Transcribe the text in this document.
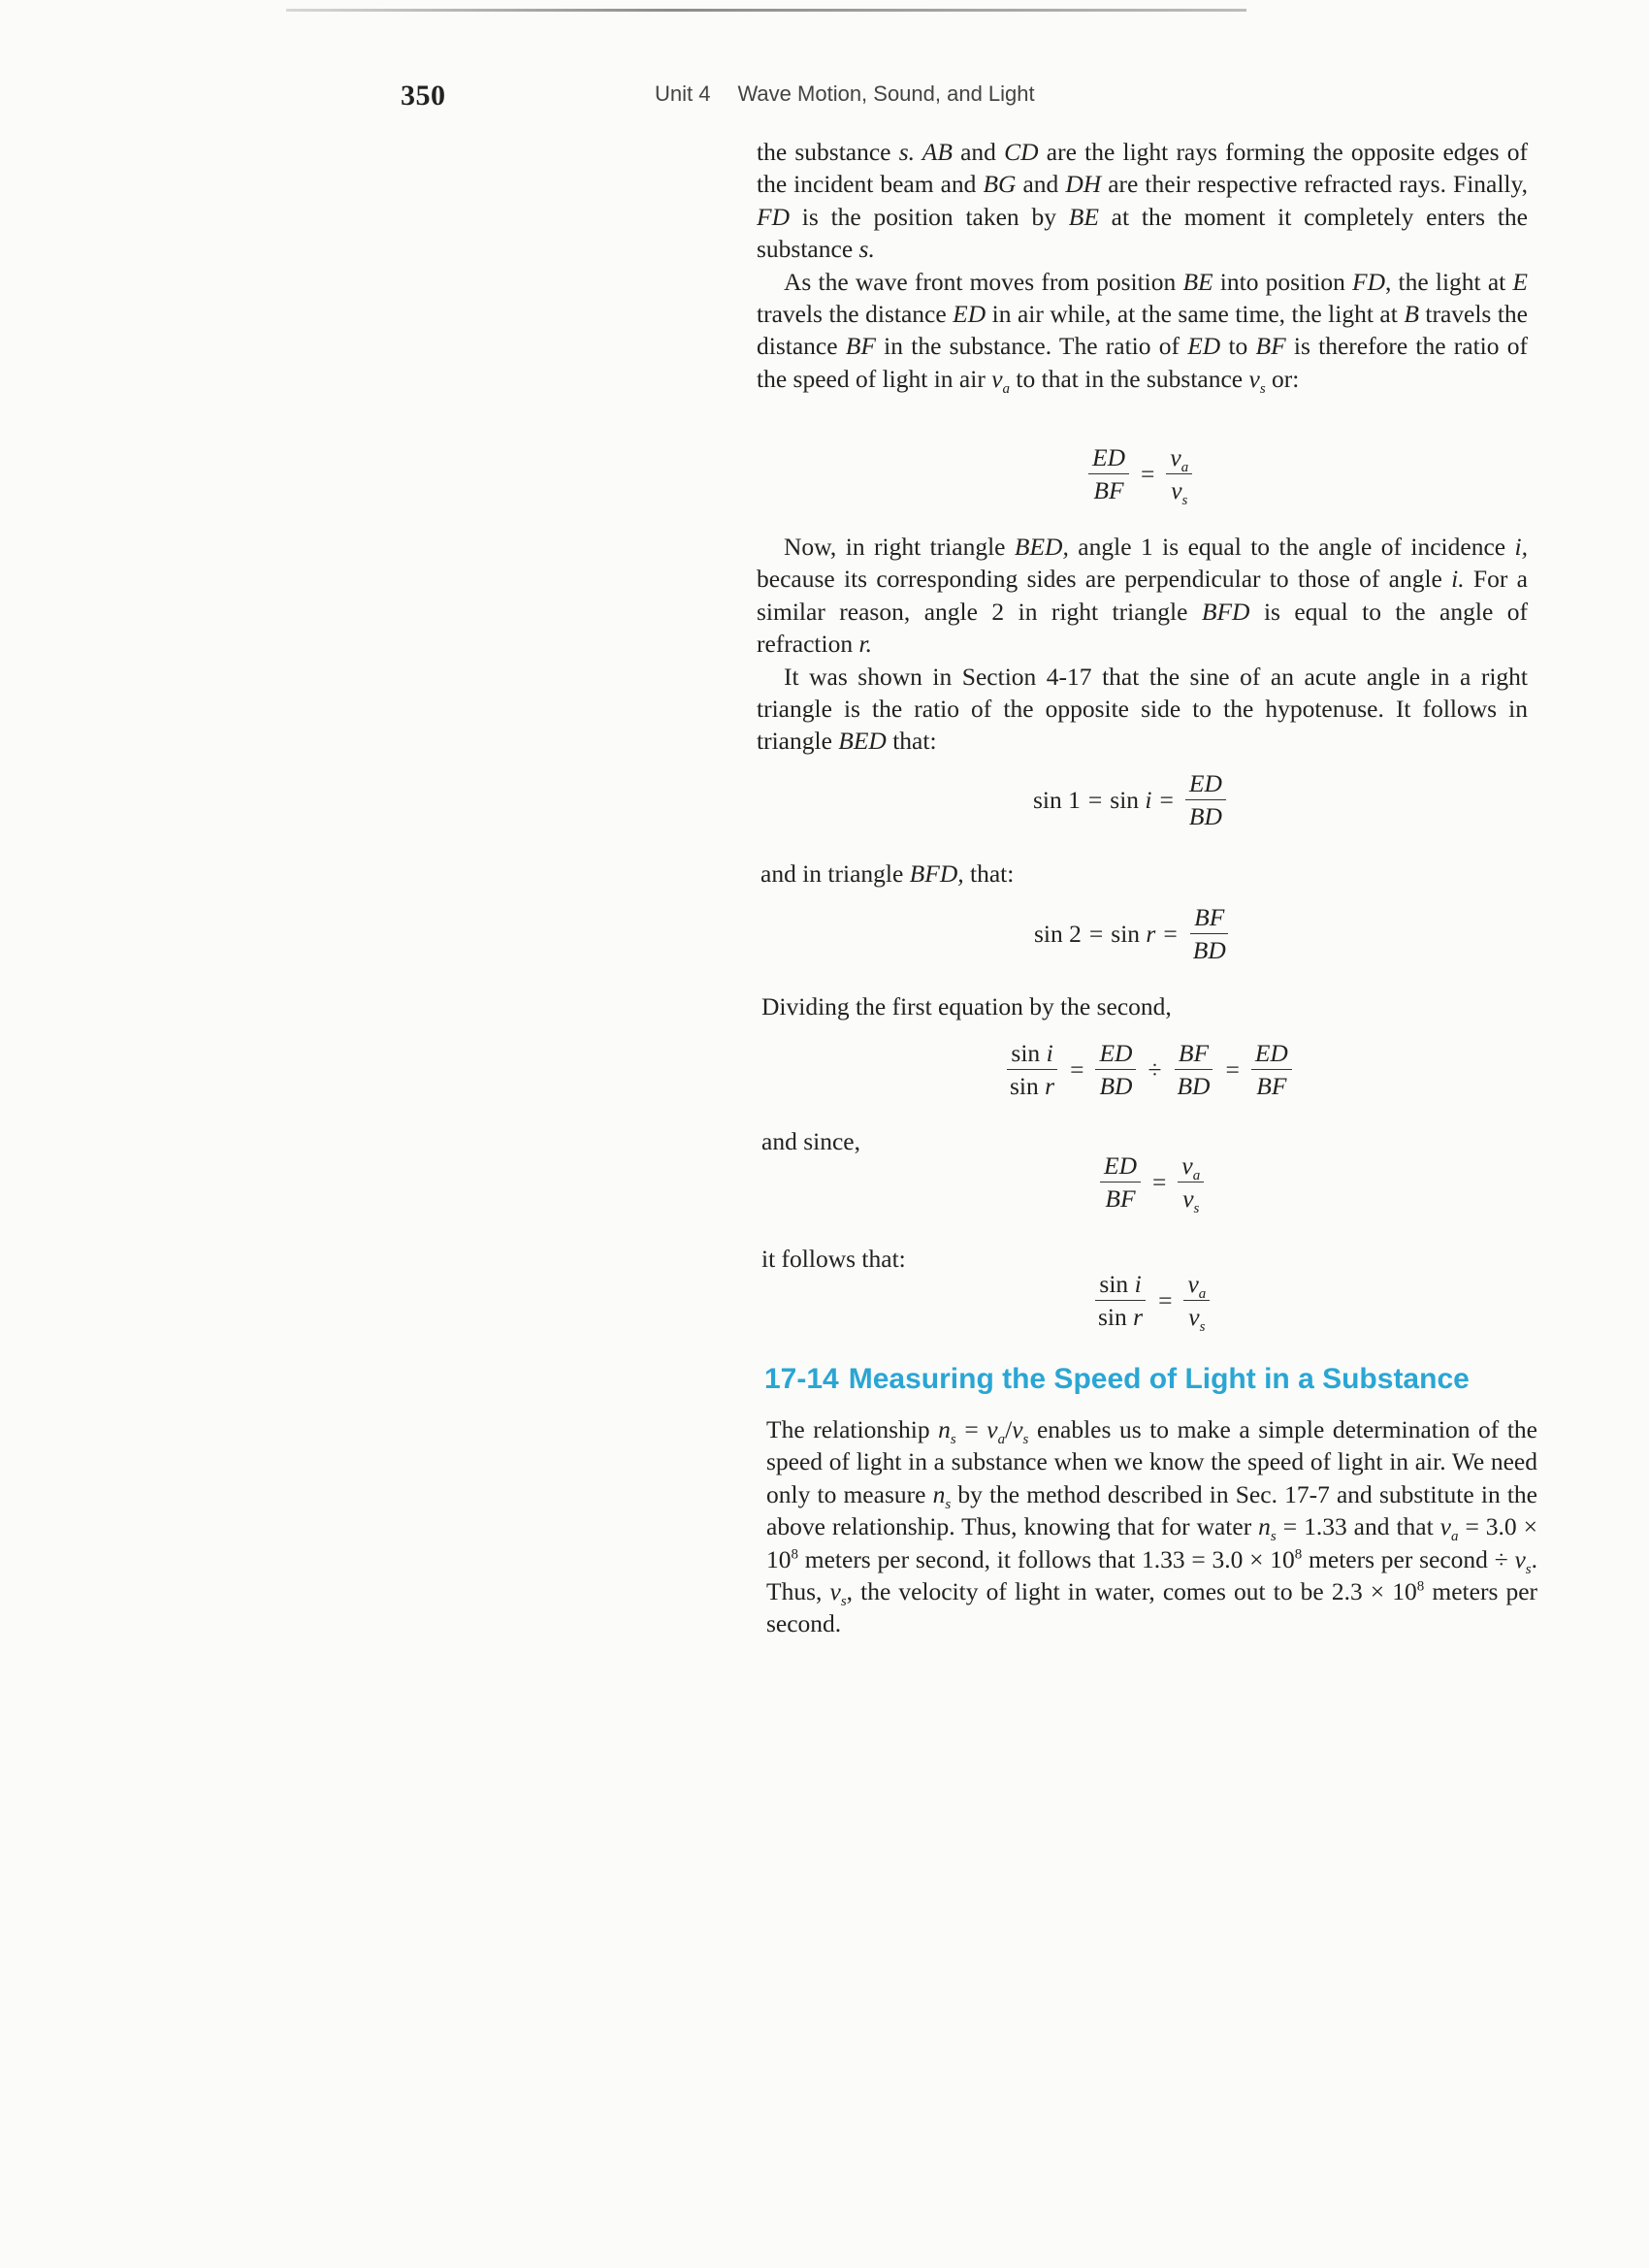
350	Unit 4 Wave Motion, Sound, and Light

the substance s. AB and CD are the light rays forming the opposite edges of the incident beam and BG and DH are their respective refracted rays. Finally, FD is the position taken by BE at the moment it completely enters the substance s.

As the wave front moves from position BE into position FD, the light at E travels the distance ED in air while, at the same time, the light at B travels the distance BF in the substance. The ratio of ED to BF is therefore the ratio of the speed of light in air $v_a$ to that in the substance $v_s$ or:

$\frac{ED}{BF} = \frac{v_a}{v_s}$

Now, in right triangle BED, angle 1 is equal to the angle of incidence i, because its corresponding sides are perpendicular to those of angle i. For a similar reason, angle 2 in right triangle BFD is equal to the angle of refraction r.

It was shown in Section 4-17 that the sine of an acute angle in a right triangle is the ratio of the opposite side to the hypotenuse. It follows in triangle BED that:

$\sin 1 = \sin i = \frac{ED}{BD}$
and in triangle BFD, that:
$\sin 2 = \sin r = \frac{BF}{BD}$
Dividing the first equation by the second,
$\frac{\text{sin i}}{\text{sin r}} = \frac{ED}{BD} \div \frac{BF}{BD} = \frac{ED}{BF}$
and since,
$\frac{ED}{BF} = \frac{v_a}{v_s}$
it follows that:
$\frac{\text{sin i}}{\text{sin r}} = \frac{v_a}{v_s}$
17-14 Measuring the Speed of Light in a Substance

The relationship $n_s = v_a/v_s$ enables us to make a simple determination of the speed of light in a substance when we know the speed of light in air. We need only to measure $n_s$ by the method described in Sec. 17-7 and substitute in the above relationship. Thus, knowing that for water $n_s = 1.33$ and that $v_a = 3.0 \times 10^8$ meters per second, it follows that $1.33 = 3.0 \times 10^8$ meters per second ÷ $v_s$. Thus, $v_s$, the velocity of light in water, comes out to be $2.3 \times 10^8$ meters per second.
